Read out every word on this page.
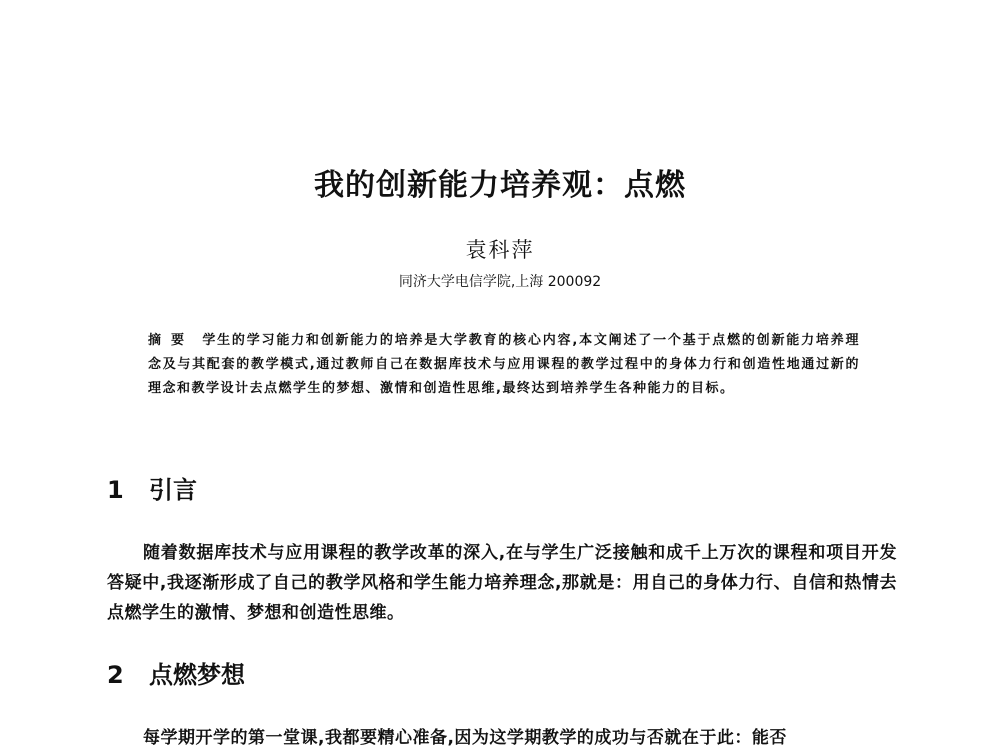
我的创新能力培养观：点燃
袁科萍
同济大学电信学院,上海 200092
摘要 学生的学习能力和创新能力的培养是大学教育的核心内容,本文阐述了一个基于点燃的创新能力培养理念及与其配套的教学模式,通过教师自己在数据库技术与应用课程的教学过程中的身体力行和创造性地通过新的理念和教学设计去点燃学生的梦想、激情和创造性思维,最终达到培养学生各种能力的目标。
1 引言
随着数据库技术与应用课程的教学改革的深入,在与学生广泛接触和成千上万次的课程和项目开发答疑中,我逐渐形成了自己的教学风格和学生能力培养理念,那就是：用自己的身体力行、自信和热情去点燃学生的激情、梦想和创造性思维。
2 点燃梦想
每学期开学的第一堂课,我都要精心准备,因为这学期教学的成功与否就在于此：能否
